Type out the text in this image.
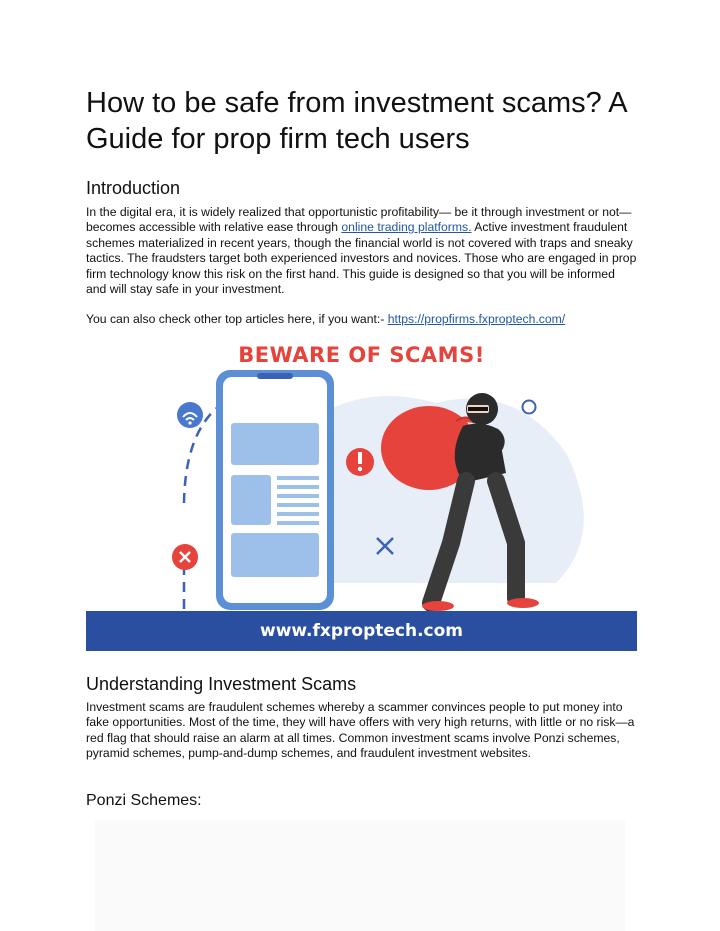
How to be safe from investment scams? A Guide for prop firm tech users
Introduction

In the digital era, it is widely realized that opportunistic profitability— be it through investment or not— becomes accessible with relative ease through online trading platforms. Active investment fraudulent schemes materialized in recent years, though the financial world is not covered with traps and sneaky tactics. The fraudsters target both experienced investors and novices. Those who are engaged in prop firm technology know this risk on the first hand. This guide is designed so that you will be informed and will stay safe in your investment.

You can also check other top articles here, if you want:- https://propfirms.fxproptech.com/

BEWARE OF SCAMS!
www.fxproptech.com
Understanding Investment Scams

Investment scams are fraudulent schemes whereby a scammer convinces people to put money into fake opportunities. Most of the time, they will have offers with very high returns, with little or no risk—a red flag that should raise an alarm at all times. Common investment scams involve Ponzi schemes, pyramid schemes, pump-and-dump schemes, and fraudulent investment websites.

Ponzi Schemes:
